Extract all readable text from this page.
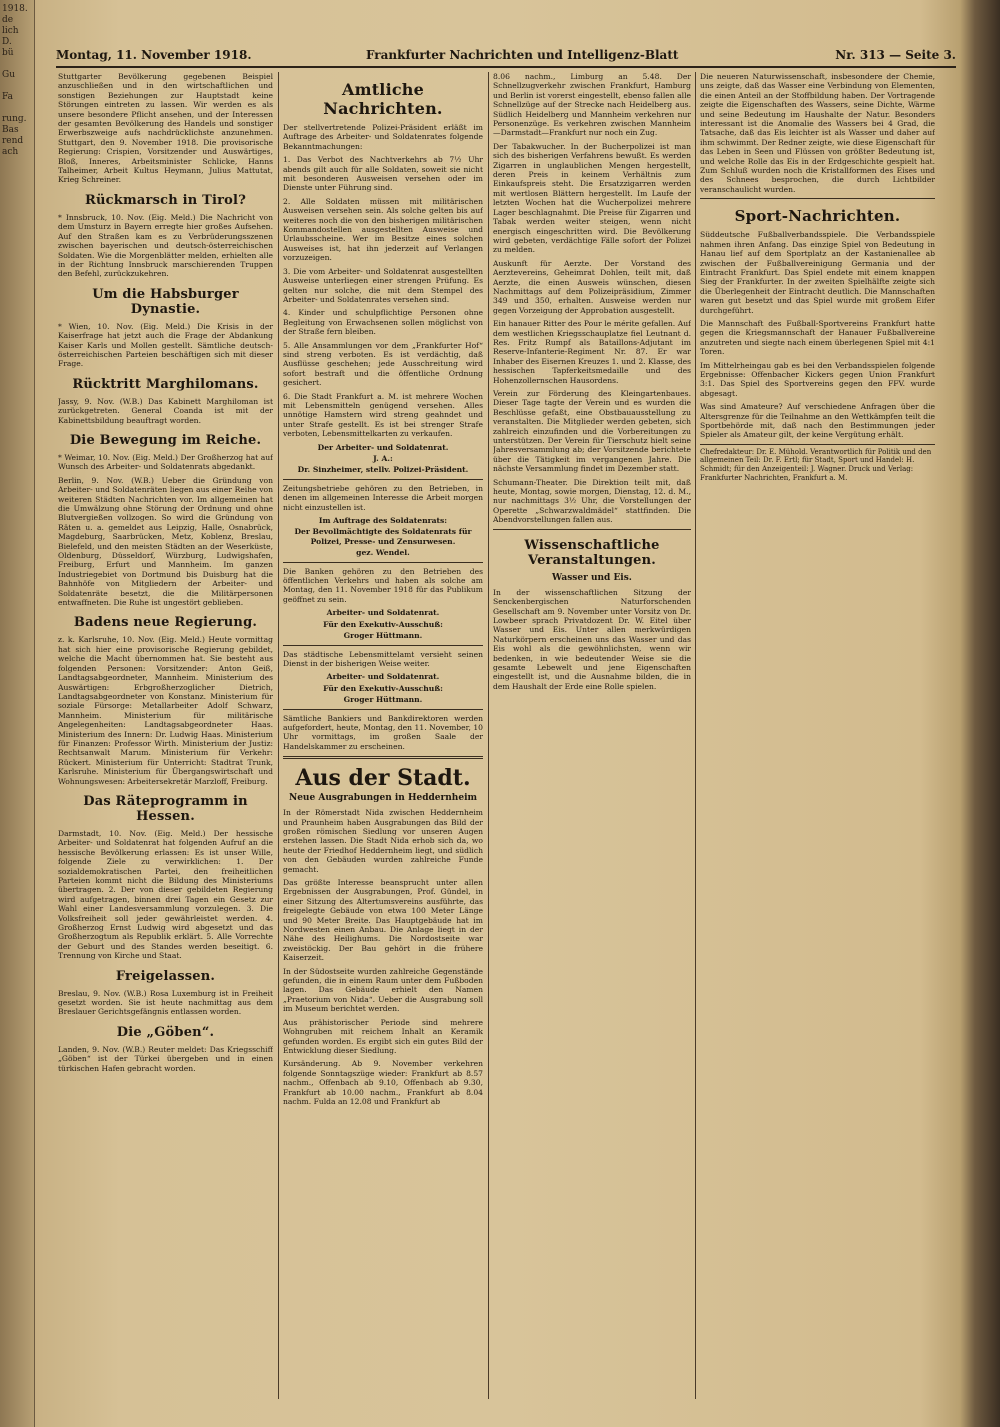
1918.
de
lich
D.
bü

Gu

Fa

rung.
Bas
rend
ach
Montag, 11. November 1918.	Frankfurter Nachrichten und Intelligenz-Blatt	Nr. 313 — Seite 3.

Stuttgarter Bevölkerung gegebenen Beispiel anzuschließen und in den wirtschaftlichen und sonstigen Beziehungen zur Hauptstadt keine Störungen eintreten zu lassen. Wir werden es als unsere besondere Pflicht ansehen, und der Interessen der gesamten Bevölkerung des Handels und sonstiger Erwerbszweige aufs nachdrücklichste anzunehmen. Stuttgart, den 9. November 1918. Die provisorische Regierung: Crispien, Vorsitzender und Auswärtiges, Bloß, Inneres, Arbeitsminister Schlicke, Hanns Talheimer, Arbeit Kultus Heymann, Julius Mattutat, Krieg Schreiner.

Rückmarsch in Tirol?

* Innsbruck, 10. Nov. (Eig. Meld.) Die Nachricht von dem Umsturz in Bayern erregte hier großes Aufsehen. Auf den Straßen kam es zu Verbrüderungsszenen zwischen bayerischen und deutsch-österreichischen Soldaten. Wie die Morgenblätter melden, erhielten alle in der Richtung Innsbruck marschierenden Truppen den Befehl, zurückzukehren.

Um die Habsburger Dynastie.

* Wien, 10. Nov. (Eig. Meld.) Die Krisis in der Kaiserfrage hat jetzt auch die Frage der Abdankung Kaiser Karls und Mollen gestellt. Sämtliche deutsch-österreichischen Parteien beschäftigen sich mit dieser Frage.

Rücktritt Marghilomans.

Jassy, 9. Nov. (W.B.) Das Kabinett Marghiloman ist zurückgetreten. General Coanda ist mit der Kabinettsbildung beauftragt worden.

Die Bewegung im Reiche.

* Weimar, 10. Nov. (Eig. Meld.) Der Großherzog hat auf Wunsch des Arbeiter- und Soldatenrats abgedankt.

Berlin, 9. Nov. (W.B.) Ueber die Gründung von Arbeiter- und Soldatenräten liegen aus einer Reihe von weiteren Städten Nachrichten vor. Im allgemeinen hat die Umwälzung ohne Störung der Ordnung und ohne Blutvergießen vollzogen. So wird die Gründung von Räten u. a. gemeldet aus Leipzig, Halle, Osnabrück, Magdeburg, Saarbrücken, Metz, Koblenz, Breslau, Bielefeld, und den meisten Städten an der Weserküste, Oldenburg, Düsseldorf, Würzburg, Ludwigshafen, Freiburg, Erfurt und Mannheim. Im ganzen Industriegebiet von Dortmund bis Duisburg hat die Bahnhöfe von Mitgliedern der Arbeiter- und Soldatenräte besetzt, die die Militärpersonen entwaffneten. Die Ruhe ist ungestört geblieben.

Badens neue Regierung.

z. k. Karlsruhe, 10. Nov. (Eig. Meld.) Heute vormittag hat sich hier eine provisorische Regierung gebildet, welche die Macht übernommen hat. Sie besteht aus folgenden Personen: Vorsitzender: Anton Geiß, Landtagsabgeordneter, Mannheim. Ministerium des Auswärtigen: Erbgroßherzoglicher Dietrich, Landtagsabgeordneter von Konstanz. Ministerium für soziale Fürsorge: Metallarbeiter Adolf Schwarz, Mannheim. Ministerium für militärische Angelegenheiten: Landtagsabgeordneter Haas. Ministerium des Innern: Dr. Ludwig Haas. Ministerium für Finanzen: Professor Wirth. Ministerium der Justiz: Rechtsanwalt Marum. Ministerium für Verkehr: Rückert. Ministerium für Unterricht: Stadtrat Trunk, Karlsruhe. Ministerium für Übergangswirtschaft und Wohnungswesen: Arbeitersekretär Marzloff, Freiburg.

Das Räteprogramm in Hessen.

Darmstadt, 10. Nov. (Eig. Meld.) Der hessische Arbeiter- und Soldatenrat hat folgenden Aufruf an die hessische Bevölkerung erlassen: Es ist unser Wille, folgende Ziele zu verwirklichen: 1. Der sozialdemokratischen Partei, den freiheitlichen Parteien kommt nicht die Bildung des Ministeriums übertragen. 2. Der von dieser gebildeten Regierung wird aufgetragen, binnen drei Tagen ein Gesetz zur Wahl einer Landesversammlung vorzulegen. 3. Die Volksfreiheit soll jeder gewährleistet werden. 4. Großherzog Ernst Ludwig wird abgesetzt und das Großherzogtum als Republik erklärt. 5. Alle Vorrechte der Geburt und des Standes werden beseitigt. 6. Trennung von Kirche und Staat.

Freigelassen.

Breslau, 9. Nov. (W.B.) Rosa Luxemburg ist in Freiheit gesetzt worden. Sie ist heute nachmittag aus dem Breslauer Gerichtsgefängnis entlassen worden.

Die „Göben“.

Landen, 9. Nov. (W.B.) Reuter meldet: Das Kriegsschiff „Göben“ ist der Türkei übergeben und in einen türkischen Hafen gebracht worden.

Amtliche Nachrichten.

Der stellvertretende Polizei-Präsident erläßt im Auftrage des Arbeiter- und Soldatenrates folgende Bekanntmachungen:

1. Das Verbot des Nachtverkehrs ab 7½ Uhr abends gilt auch für alle Soldaten, soweit sie nicht mit besonderen Ausweisen versehen oder im Dienste unter Führung sind.

2. Alle Soldaten müssen mit militärischen Ausweisen versehen sein. Als solche gelten bis auf weiteres noch die von den bisherigen militärischen Kommandostellen ausgestellten Ausweise und Urlaubsscheine. Wer im Besitze eines solchen Ausweises ist, hat ihn jederzeit auf Verlangen vorzuzeigen.

3. Die vom Arbeiter- und Soldatenrat ausgestellten Ausweise unterliegen einer strengen Prüfung. Es gelten nur solche, die mit dem Stempel des Arbeiter- und Soldatenrates versehen sind.

4. Kinder und schulpflichtige Personen ohne Begleitung von Erwachsenen sollen möglichst von der Straße fern bleiben.

5. Alle Ansammlungen vor dem „Frankfurter Hof“ sind streng verboten. Es ist verdächtig, daß Ausflüsse geschehen; jede Ausschreitung wird sofort bestraft und die öffentliche Ordnung gesichert.

6. Die Stadt Frankfurt a. M. ist mehrere Wochen mit Lebensmitteln genügend versehen. Alles unnötige Hamstern wird streng geahndet und unter Strafe gestellt. Es ist bei strenger Strafe verboten, Lebensmittelkarten zu verkaufen.

Der Arbeiter- und Soldatenrat.
J. A.:
Dr. Sinzheimer, stellv. Polizei-Präsident.

Zeitungsbetriebe gehören zu den Betrieben, in denen im allgemeinen Interesse die Arbeit morgen nicht einzustellen ist.

Im Auftrage des Soldatenrats:
Der Bevollmächtigte des Soldatenrats für Polizei, Presse- und Zensurwesen.
gez. Wendel.

Die Banken gehören zu den Betrieben des öffentlichen Verkehrs und haben als solche am Montag, den 11. November 1918 für das Publikum geöffnet zu sein.

Arbeiter- und Soldatenrat.
Für den Exekutiv-Ausschuß:
Groger Hüttmann.

Das städtische Lebensmittelamt versieht seinen Dienst in der bisherigen Weise weiter.

Arbeiter- und Soldatenrat.
Für den Exekutiv-Ausschuß:
Groger Hüttmann.

Sämtliche Bankiers und Bankdirektoren werden aufgefordert, heute, Montag, den 11. November, 10 Uhr vormittags, im großen Saale der Handelskammer zu erscheinen.

Aus der Stadt.
Neue Ausgrabungen in Heddernheim

In der Römerstadt Nida zwischen Heddernheim und Praunheim haben Ausgrabungen das Bild der großen römischen Siedlung vor unseren Augen erstehen lassen. Die Stadt Nida erhob sich da, wo heute der Friedhof Heddernheim liegt, und südlich von den Gebäuden wurden zahlreiche Funde gemacht.

Das größte Interesse beansprucht unter allen Ergebnissen der Ausgrabungen, Prof. Gündel, in einer Sitzung des Altertumsvereins ausführte, das freigelegte Gebäude von etwa 100 Meter Länge und 90 Meter Breite. Das Hauptgebäude hat im Nordwesten einen Anbau. Die Anlage liegt in der Nähe des Heilighums. Die Nordostseite war zweistöckig. Der Bau gehört in die frühere Kaiserzeit.

In der Südostseite wurden zahlreiche Gegenstände gefunden, die in einem Raum unter dem Fußboden lagen. Das Gebäude erhielt den Namen „Praetorium von Nida“. Ueber die Ausgrabung soll im Museum berichtet werden.

Aus prähistorischer Periode sind mehrere Wohngruben mit reichem Inhalt an Keramik gefunden worden. Es ergibt sich ein gutes Bild der Entwicklung dieser Siedlung.

Kursänderung. Ab 9. November verkehren folgende Sonntagszüge wieder: Frankfurt ab 8.57 nachm., Offenbach ab 9.10, Offenbach ab 9.30, Frankfurt ab 10.00 nachm., Frankfurt ab 8.04 nachm. Fulda an 12.08 und Frankfurt ab

8.06 nachm., Limburg an 5.48. Der Schnellzugverkehr zwischen Frankfurt, Hamburg und Berlin ist vorerst eingestellt, ebenso fallen alle Schnellzüge auf der Strecke nach Heidelberg aus. Südlich Heidelberg und Mannheim verkehren nur Personenzüge. Es verkehren zwischen Mannheim—Darmstadt—Frankfurt nur noch ein Zug.

Der Tabakwucher. In der Bucherpolizei ist man sich des bisherigen Verfahrens bewußt. Es werden Zigarren in unglaublichen Mengen hergestellt, deren Preis in keinem Verhältnis zum Einkaufspreis steht. Die Ersatzzigarren werden mit wertlosen Blättern hergestellt. Im Laufe der letzten Wochen hat die Wucherpolizei mehrere Lager beschlagnahmt. Die Preise für Zigarren und Tabak werden weiter steigen, wenn nicht energisch eingeschritten wird. Die Bevölkerung wird gebeten, verdächtige Fälle sofort der Polizei zu melden.

Auskunft für Aerzte. Der Vorstand des Aerztevereins, Geheimrat Dohlen, teilt mit, daß Aerzte, die einen Ausweis wünschen, diesen Nachmittags auf dem Polizeipräsidium, Zimmer 349 und 350, erhalten. Ausweise werden nur gegen Vorzeigung der Approbation ausgestellt.

Ein hanauer Ritter des Pour le mérite gefallen. Auf dem westlichen Kriegsschauplatze fiel Leutnant d. Res. Fritz Rumpf als Bataillons-Adjutant im Reserve-Infanterie-Regiment Nr. 87. Er war Inhaber des Eisernen Kreuzes 1. und 2. Klasse, des hessischen Tapferkeitsmedaille und des Hohenzollernschen Hausordens.

Verein zur Förderung des Kleingartenbaues. Dieser Tage tagte der Verein und es wurden die Beschlüsse gefaßt, eine Obstbauausstellung zu veranstalten. Die Mitglieder werden gebeten, sich zahlreich einzufinden und die Vorbereitungen zu unterstützen. Der Verein für Tierschutz hielt seine Jahresversammlung ab; der Vorsitzende berichtete über die Tätigkeit im vergangenen Jahre. Die nächste Versammlung findet im Dezember statt.

Schumann-Theater. Die Direktion teilt mit, daß heute, Montag, sowie morgen, Dienstag, 12. d. M., nur nachmittags 3½ Uhr, die Vorstellungen der Operette „Schwarzwaldmädel“ stattfinden. Die Abendvorstellungen fallen aus.

Wissenschaftliche Veranstaltungen.
Wasser und Eis.

In der wissenschaftlichen Sitzung der Senckenbergischen Naturforschenden Gesellschaft am 9. November unter Vorsitz von Dr. Lowbeer sprach Privatdozent Dr. W. Eitel über Wasser und Eis. Unter allen merkwürdigen Naturkörpern erscheinen uns das Wasser und das Eis wohl als die gewöhnlichsten, wenn wir bedenken, in wie bedeutender Weise sie die gesamte Lebewelt und jene Eigenschaften eingestellt ist, und die Ausnahme bilden, die in dem Haushalt der Erde eine Rolle spielen.

Die neueren Naturwissenschaft, insbesondere der Chemie, uns zeigte, daß das Wasser eine Verbindung von Elementen, die einen Anteil an der Stoffbildung haben. Der Vortragende zeigte die Eigenschaften des Wassers, seine Dichte, Wärme und seine Bedeutung im Haushalte der Natur. Besonders interessant ist die Anomalie des Wassers bei 4 Grad, die Tatsache, daß das Eis leichter ist als Wasser und daher auf ihm schwimmt. Der Redner zeigte, wie diese Eigenschaft für das Leben in Seen und Flüssen von größter Bedeutung ist, und welche Rolle das Eis in der Erdgeschichte gespielt hat. Zum Schluß wurden noch die Kristallformen des Eises und des Schnees besprochen, die durch Lichtbilder veranschaulicht wurden.

Sport-Nachrichten.

Süddeutsche Fußballverbandsspiele. Die Verbandsspiele nahmen ihren Anfang. Das einzige Spiel von Bedeutung in Hanau lief auf dem Sportplatz an der Kastanienallee ab zwischen der Fußballvereinigung Germania und der Eintracht Frankfurt. Das Spiel endete mit einem knappen Sieg der Frankfurter. In der zweiten Spielhälfte zeigte sich die Überlegenheit der Eintracht deutlich. Die Mannschaften waren gut besetzt und das Spiel wurde mit großem Eifer durchgeführt.

Die Mannschaft des Fußball-Sportvereins Frankfurt hatte gegen die Kriegsmannschaft der Hanauer Fußballvereine anzutreten und siegte nach einem überlegenen Spiel mit 4:1 Toren.

Im Mittelrheingau gab es bei den Verbandsspielen folgende Ergebnisse: Offenbacher Kickers gegen Union Frankfurt 3:1. Das Spiel des Sportvereins gegen den FFV. wurde abgesagt.

Was sind Amateure? Auf verschiedene Anfragen über die Altersgrenze für die Teilnahme an den Wettkämpfen teilt die Sportbehörde mit, daß nach den Bestimmungen jeder Spieler als Amateur gilt, der keine Vergütung erhält.

Chefredakteur: Dr. E. Mühold. Verantwortlich für Politik und den allgemeinen Teil: Dr. F. Ertl; für Stadt, Sport und Handel: H. Schmidt; für den Anzeigenteil: J. Wagner. Druck und Verlag: Frankfurter Nachrichten, Frankfurt a. M.
